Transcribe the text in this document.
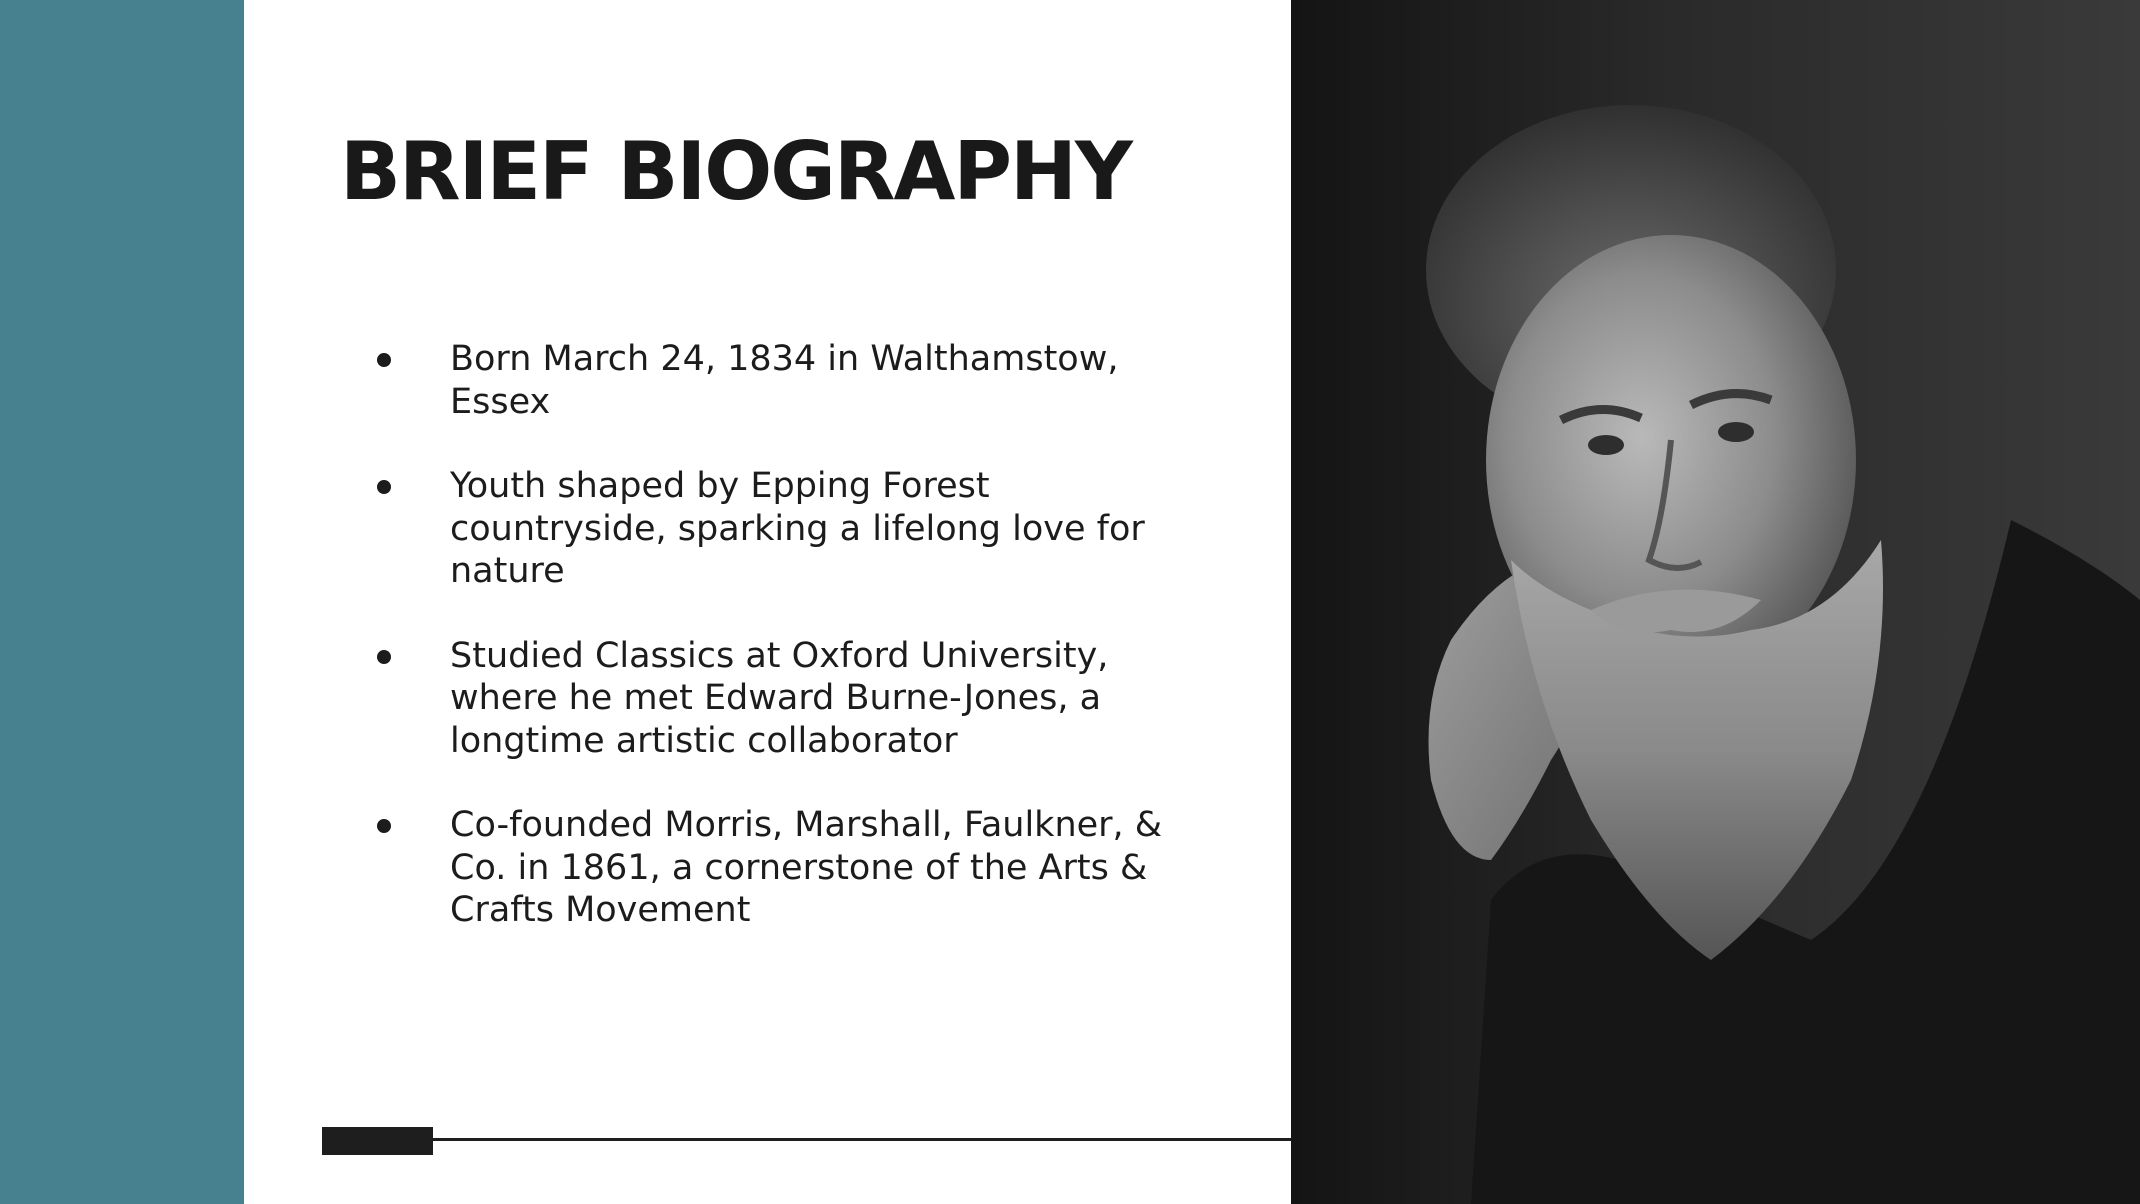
BRIEF BIOGRAPHY
Born March 24, 1834 in Walthamstow, Essex
Youth shaped by Epping Forest countryside, sparking a lifelong love for nature
Studied Classics at Oxford University, where he met Edward Burne-Jones, a longtime artistic collaborator
Co-founded Morris, Marshall, Faulkner, & Co. in 1861, a cornerstone of the Arts & Crafts Movement
